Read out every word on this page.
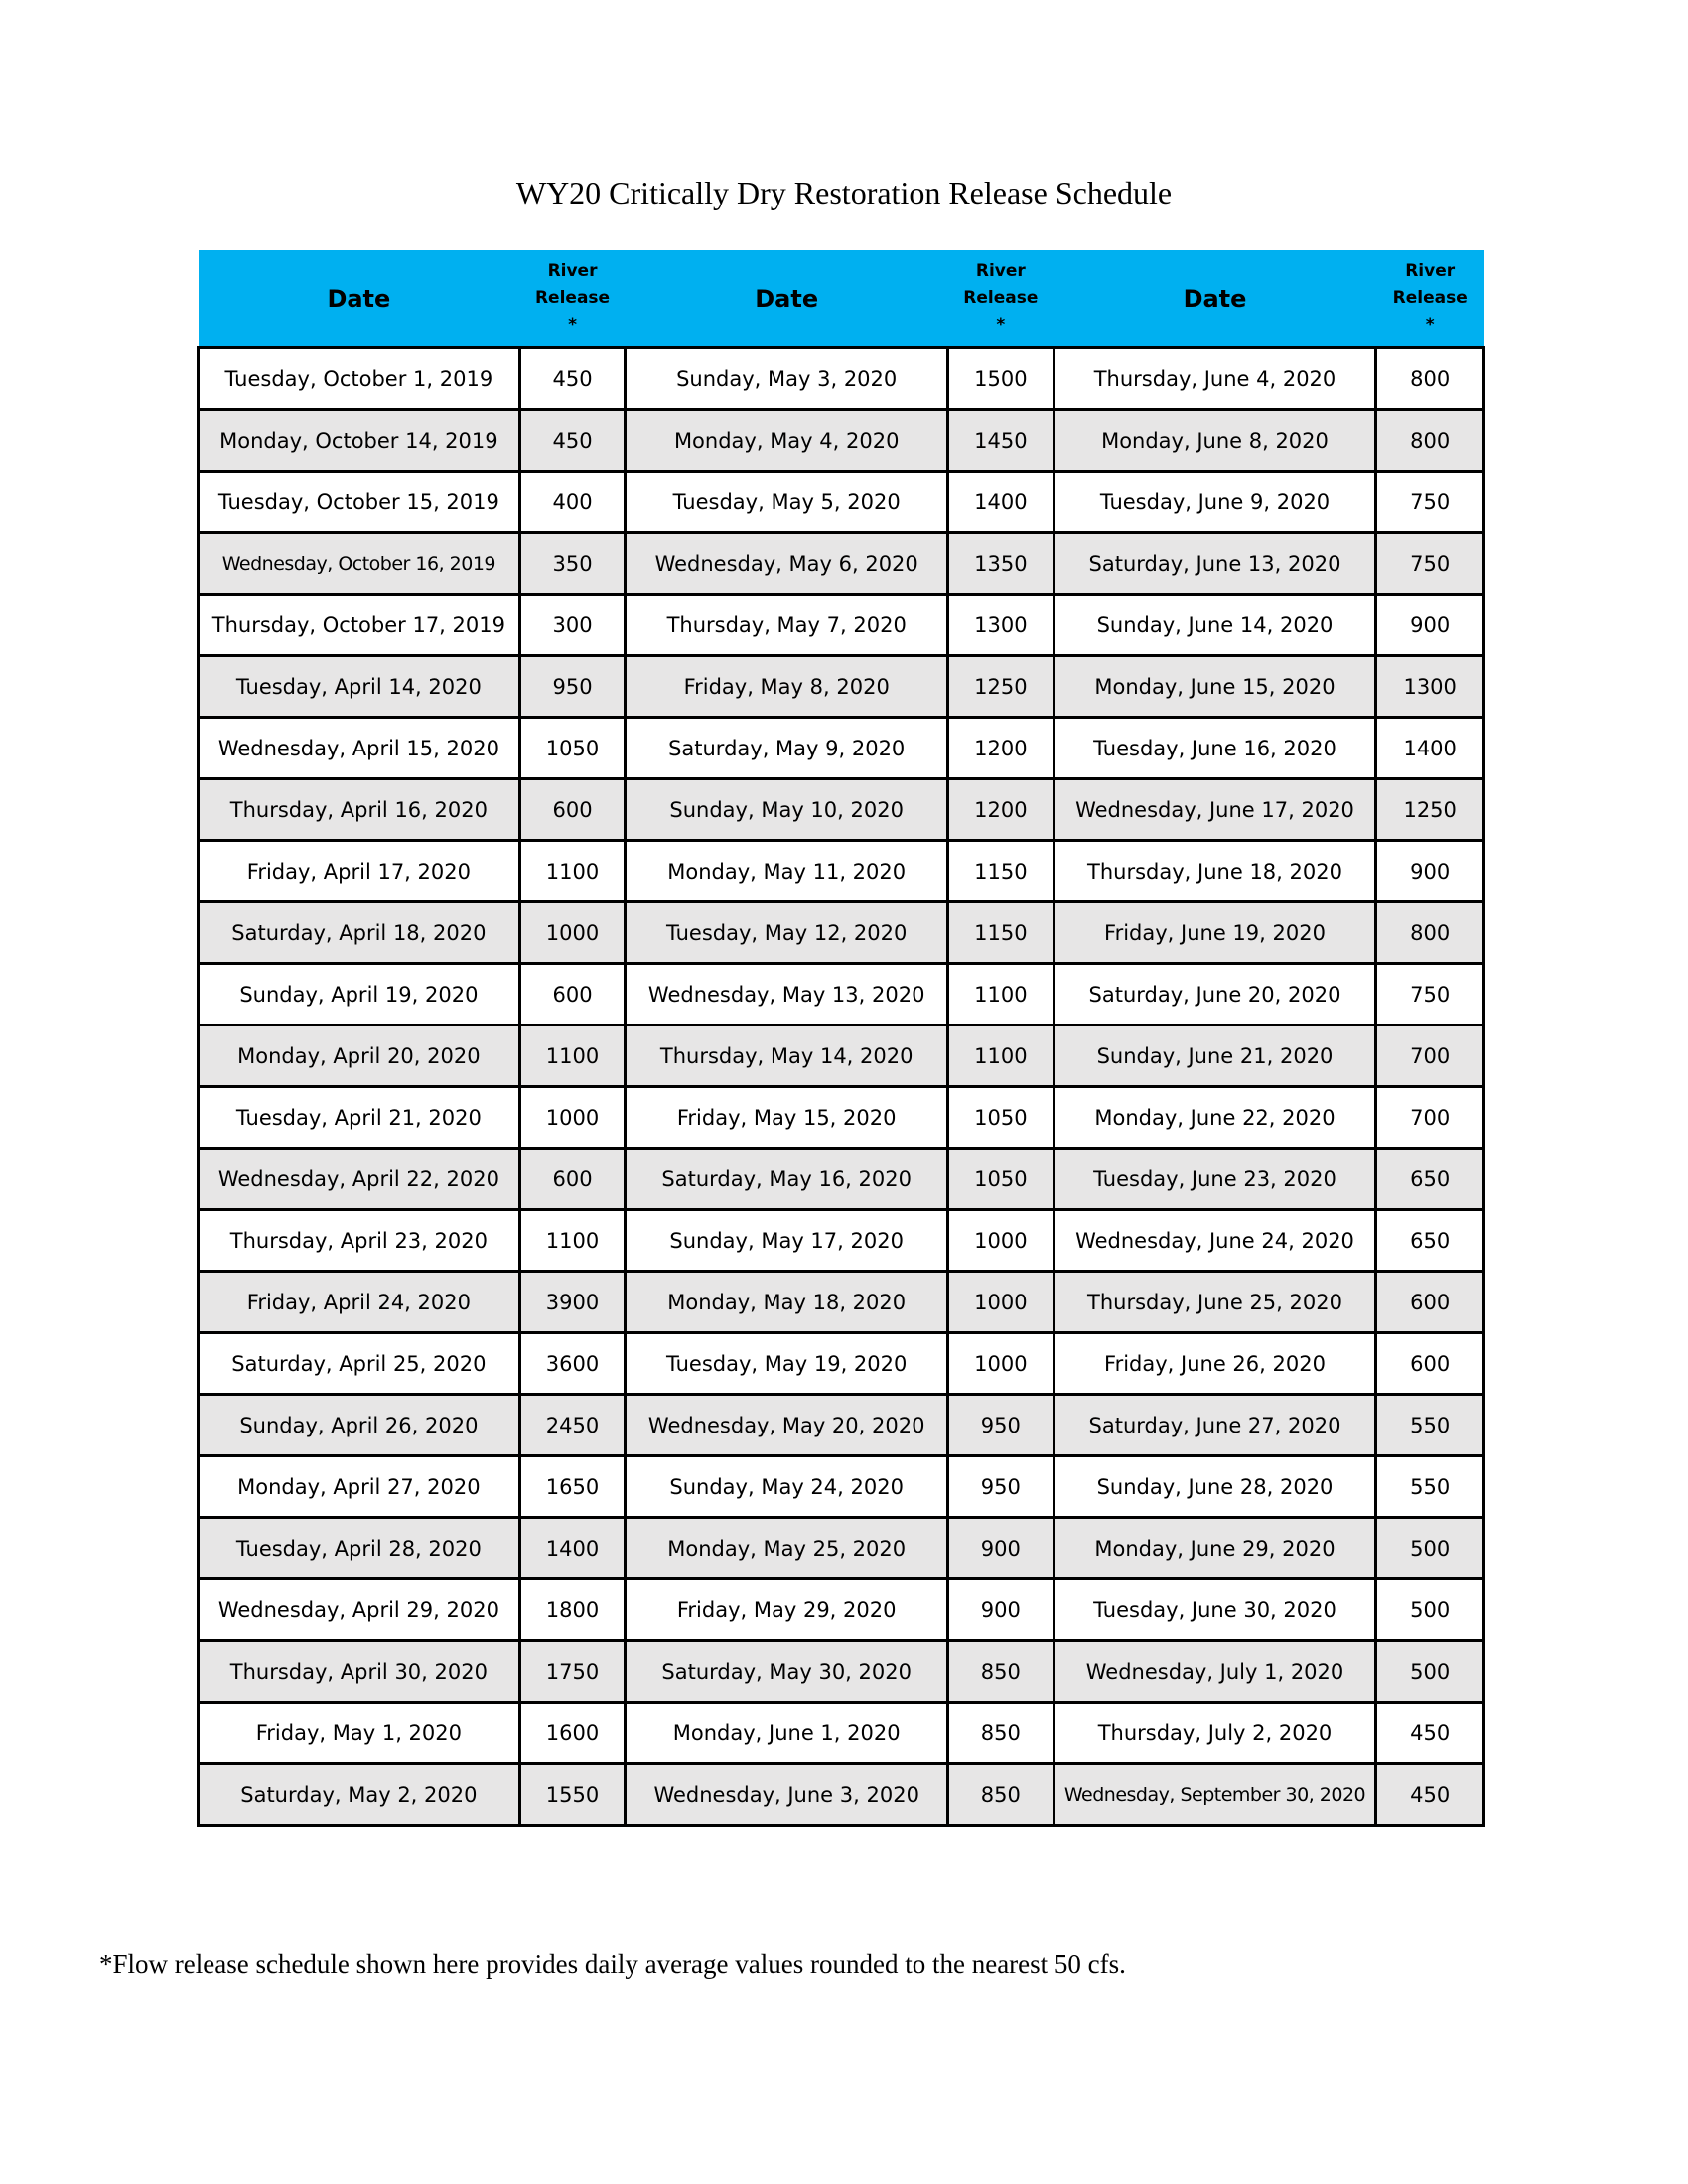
WY20 Critically Dry Restoration Release Schedule
Date	River
Release
*	Date	River
Release
*	Date	River
Release
*

Tuesday, October 1, 2019	450	Sunday, May 3, 2020	1500	Thursday, June 4, 2020	800
Monday, October 14, 2019	450	Monday, May 4, 2020	1450	Monday, June 8, 2020	800
Tuesday, October 15, 2019	400	Tuesday, May 5, 2020	1400	Tuesday, June 9, 2020	750
Wednesday, October 16, 2019	350	Wednesday, May 6, 2020	1350	Saturday, June 13, 2020	750
Thursday, October 17, 2019	300	Thursday, May 7, 2020	1300	Sunday, June 14, 2020	900
Tuesday, April 14, 2020	950	Friday, May 8, 2020	1250	Monday, June 15, 2020	1300
Wednesday, April 15, 2020	1050	Saturday, May 9, 2020	1200	Tuesday, June 16, 2020	1400
Thursday, April 16, 2020	600	Sunday, May 10, 2020	1200	Wednesday, June 17, 2020	1250
Friday, April 17, 2020	1100	Monday, May 11, 2020	1150	Thursday, June 18, 2020	900
Saturday, April 18, 2020	1000	Tuesday, May 12, 2020	1150	Friday, June 19, 2020	800
Sunday, April 19, 2020	600	Wednesday, May 13, 2020	1100	Saturday, June 20, 2020	750
Monday, April 20, 2020	1100	Thursday, May 14, 2020	1100	Sunday, June 21, 2020	700
Tuesday, April 21, 2020	1000	Friday, May 15, 2020	1050	Monday, June 22, 2020	700
Wednesday, April 22, 2020	600	Saturday, May 16, 2020	1050	Tuesday, June 23, 2020	650
Thursday, April 23, 2020	1100	Sunday, May 17, 2020	1000	Wednesday, June 24, 2020	650
Friday, April 24, 2020	3900	Monday, May 18, 2020	1000	Thursday, June 25, 2020	600
Saturday, April 25, 2020	3600	Tuesday, May 19, 2020	1000	Friday, June 26, 2020	600
Sunday, April 26, 2020	2450	Wednesday, May 20, 2020	950	Saturday, June 27, 2020	550
Monday, April 27, 2020	1650	Sunday, May 24, 2020	950	Sunday, June 28, 2020	550
Tuesday, April 28, 2020	1400	Monday, May 25, 2020	900	Monday, June 29, 2020	500
Wednesday, April 29, 2020	1800	Friday, May 29, 2020	900	Tuesday, June 30, 2020	500
Thursday, April 30, 2020	1750	Saturday, May 30, 2020	850	Wednesday, July 1, 2020	500
Friday, May 1, 2020	1600	Monday, June 1, 2020	850	Thursday, July 2, 2020	450
Saturday, May 2, 2020	1550	Wednesday, June 3, 2020	850	Wednesday, September 30, 2020	450
*Flow release schedule shown here provides daily average values rounded to the nearest 50 cfs.
